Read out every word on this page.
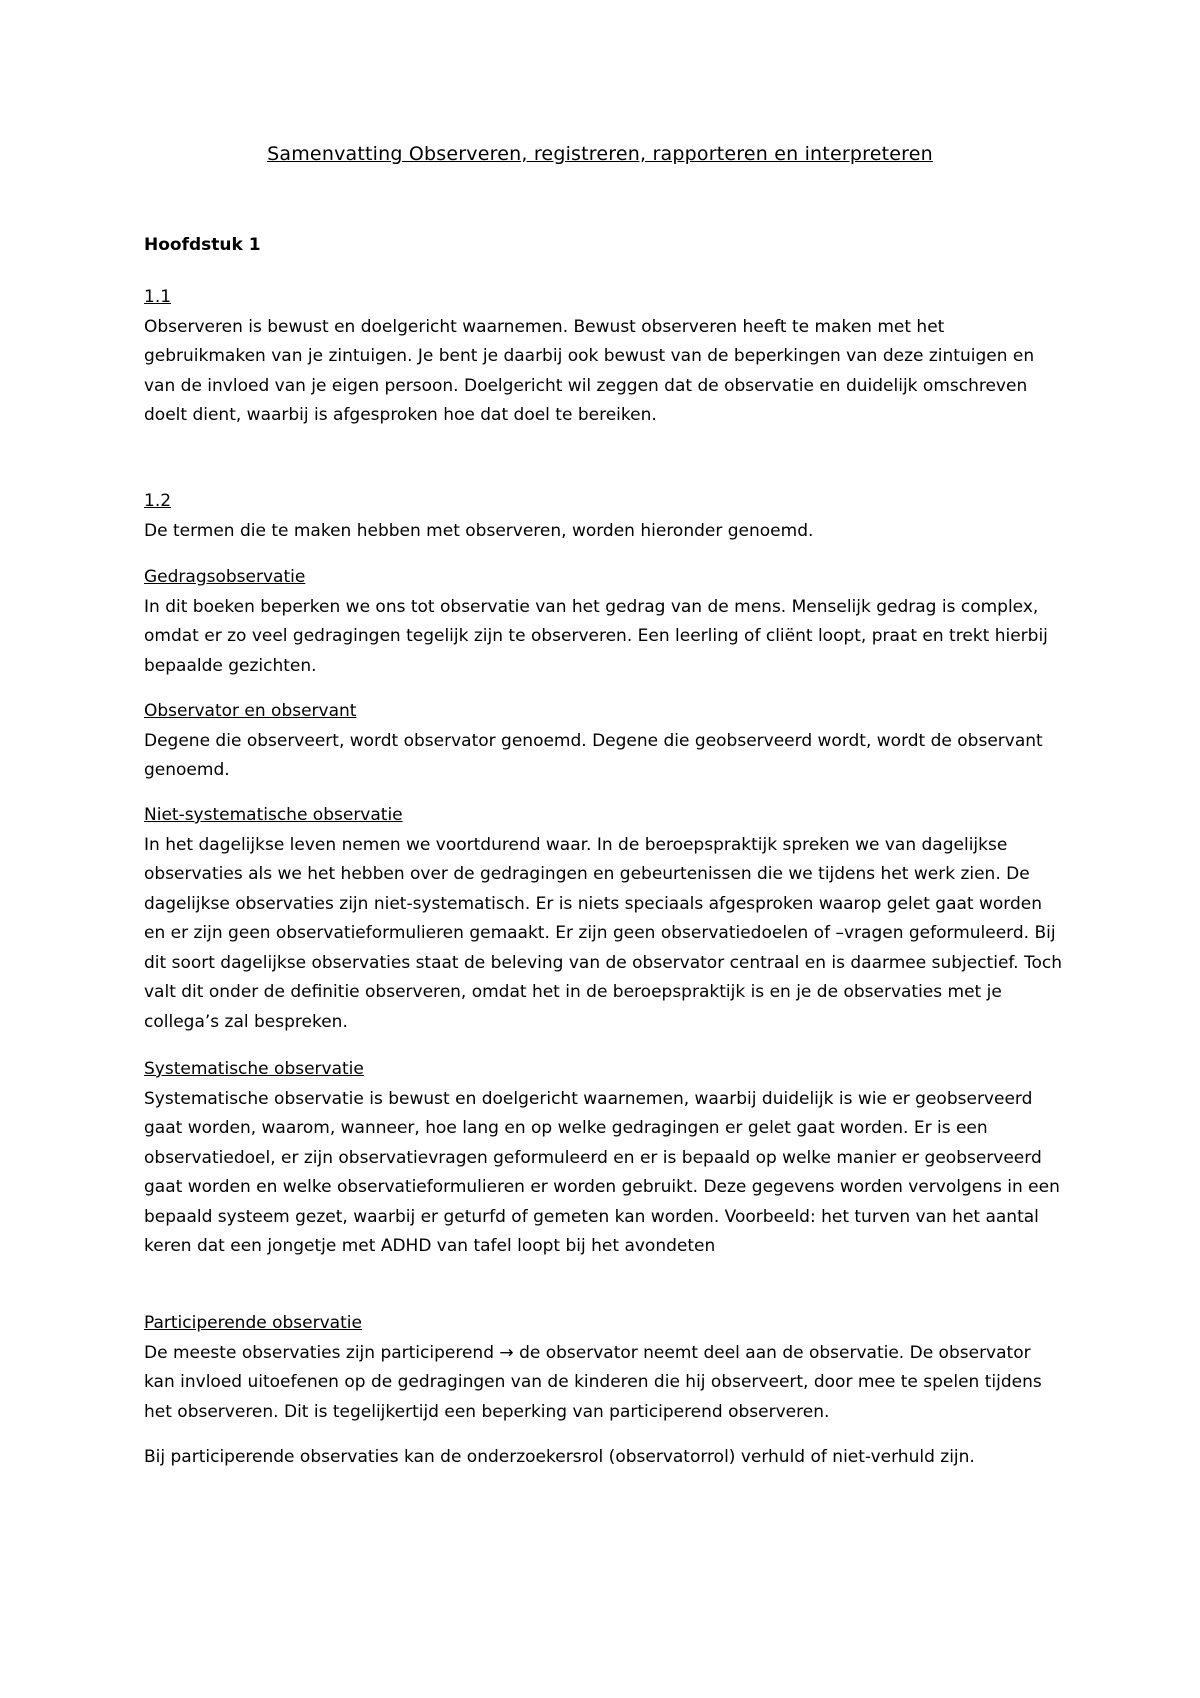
Samenvatting Observeren, registreren, rapporteren en interpreteren
Hoofdstuk 1

1.1

Observeren is bewust en doelgericht waarnemen. Bewust observeren heeft te maken met het gebruikmaken van je zintuigen. Je bent je daarbij ook bewust van de beperkingen van deze zintuigen en van de invloed van je eigen persoon. Doelgericht wil zeggen dat de observatie en duidelijk omschreven doelt dient, waarbij is afgesproken hoe dat doel te bereiken.

1.2

De termen die te maken hebben met observeren, worden hieronder genoemd.

Gedragsobservatie

In dit boeken beperken we ons tot observatie van het gedrag van de mens. Menselijk gedrag is complex, omdat er zo veel gedragingen tegelijk zijn te observeren. Een leerling of cliënt loopt, praat en trekt hierbij bepaalde gezichten.

Observator en observant

Degene die observeert, wordt observator genoemd. Degene die geobserveerd wordt, wordt de observant genoemd.

Niet-systematische observatie

In het dagelijkse leven nemen we voortdurend waar. In de beroepspraktijk spreken we van dagelijkse observaties als we het hebben over de gedragingen en gebeurtenissen die we tijdens het werk zien. De dagelijkse observaties zijn niet-systematisch. Er is niets speciaals afgesproken waarop gelet gaat worden en er zijn geen observatieformulieren gemaakt. Er zijn geen observatiedoelen of –vragen geformuleerd. Bij dit soort dagelijkse observaties staat de beleving van de observator centraal en is daarmee subjectief. Toch valt dit onder de definitie observeren, omdat het in de beroepspraktijk is en je de observaties met je collega’s zal bespreken.

Systematische observatie

Systematische observatie is bewust en doelgericht waarnemen, waarbij duidelijk is wie er geobserveerd gaat worden, waarom, wanneer, hoe lang en op welke gedragingen er gelet gaat worden. Er is een observatiedoel, er zijn observatievragen geformuleerd en er is bepaald op welke manier er geobserveerd gaat worden en welke observatieformulieren er worden gebruikt. Deze gegevens worden vervolgens in een bepaald systeem gezet, waarbij er geturfd of gemeten kan worden. Voorbeeld: het turven van het aantal keren dat een jongetje met ADHD van tafel loopt bij het avondeten

Participerende observatie

De meeste observaties zijn participerend → de observator neemt deel aan de observatie. De observator kan invloed uitoefenen op de gedragingen van de kinderen die hij observeert, door mee te spelen tijdens het observeren. Dit is tegelijkertijd een beperking van participerend observeren.

Bij participerende observaties kan de onderzoekersrol (observatorrol) verhuld of niet-verhuld zijn.
